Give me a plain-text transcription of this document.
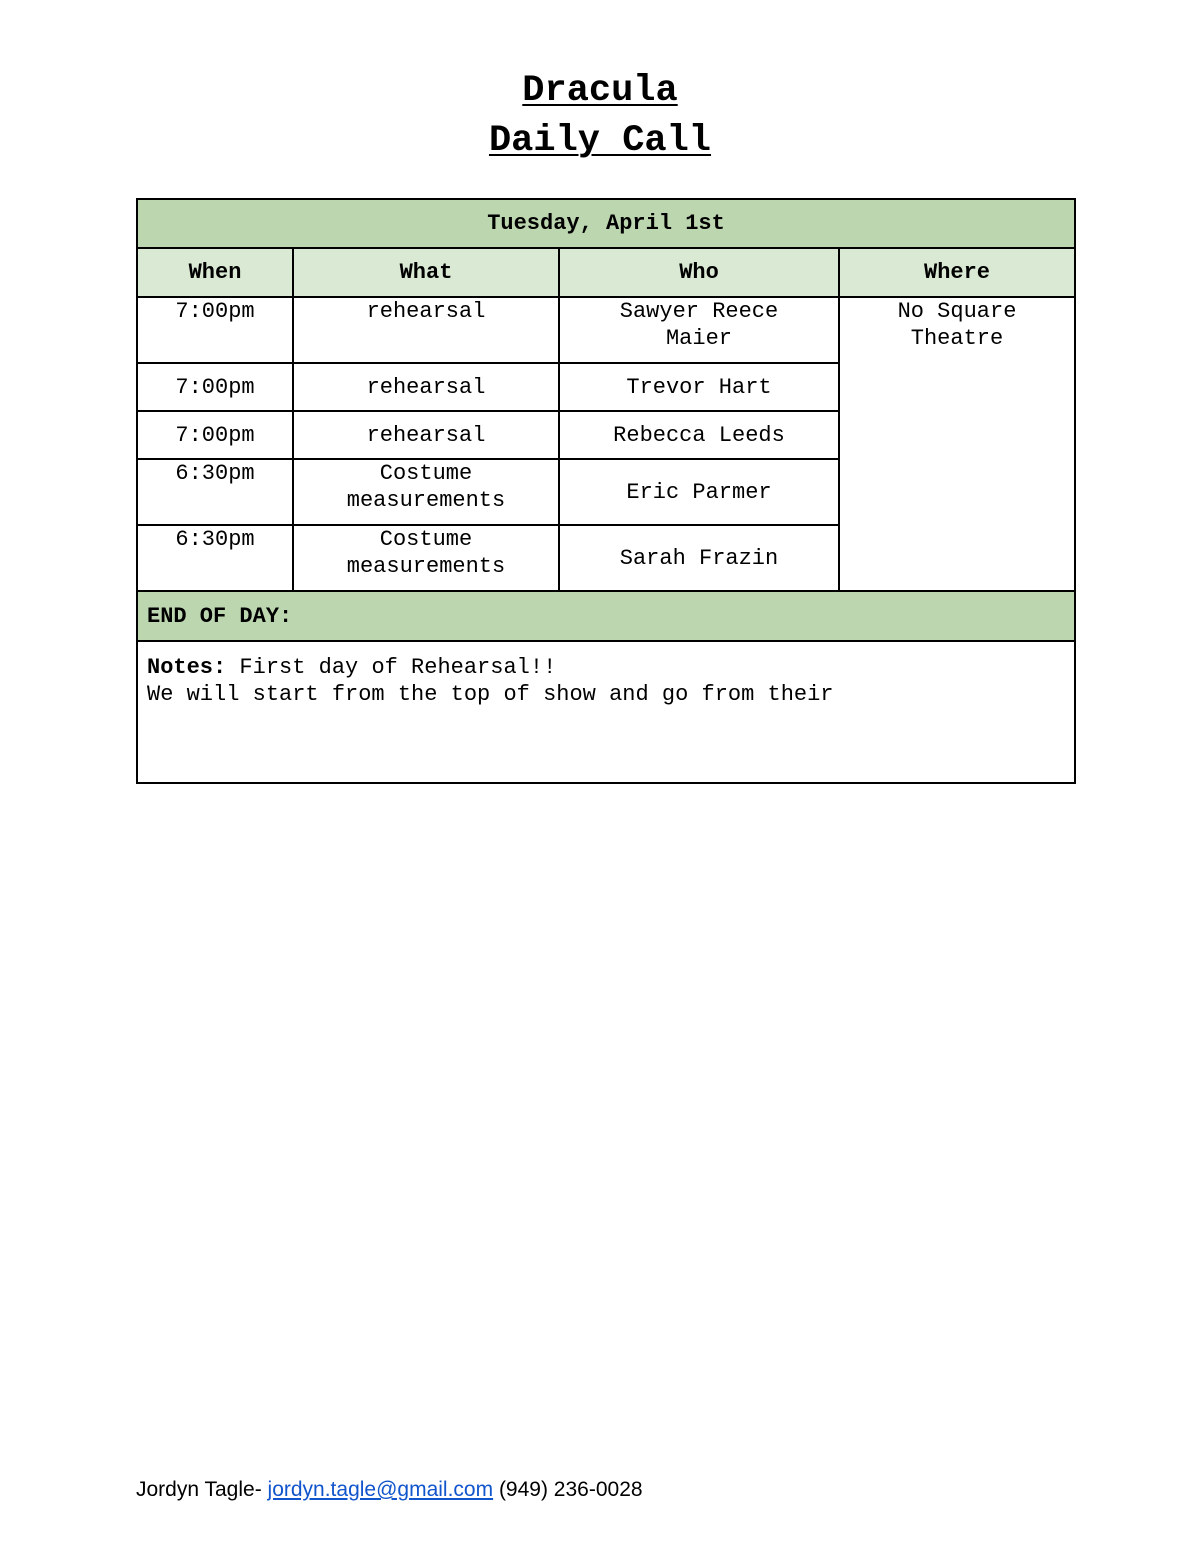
Dracula
Daily Call
Tuesday, April 1st			
When	What	Who	Where
7:00pm	rehearsal	Sawyer Reece Maier	No Square Theatre
7:00pm	rehearsal	Trevor Hart	
7:00pm	rehearsal	Rebecca Leeds	
6:30pm	Costume measurements	Eric Parmer	
6:30pm	Costume measurements	Sarah Frazin	
END OF DAY:			
Notes: First day of Rehearsal!!
We will start from the top of show and go from their			
Jordyn Tagle- jordyn.tagle@gmail.com (949) 236-0028
